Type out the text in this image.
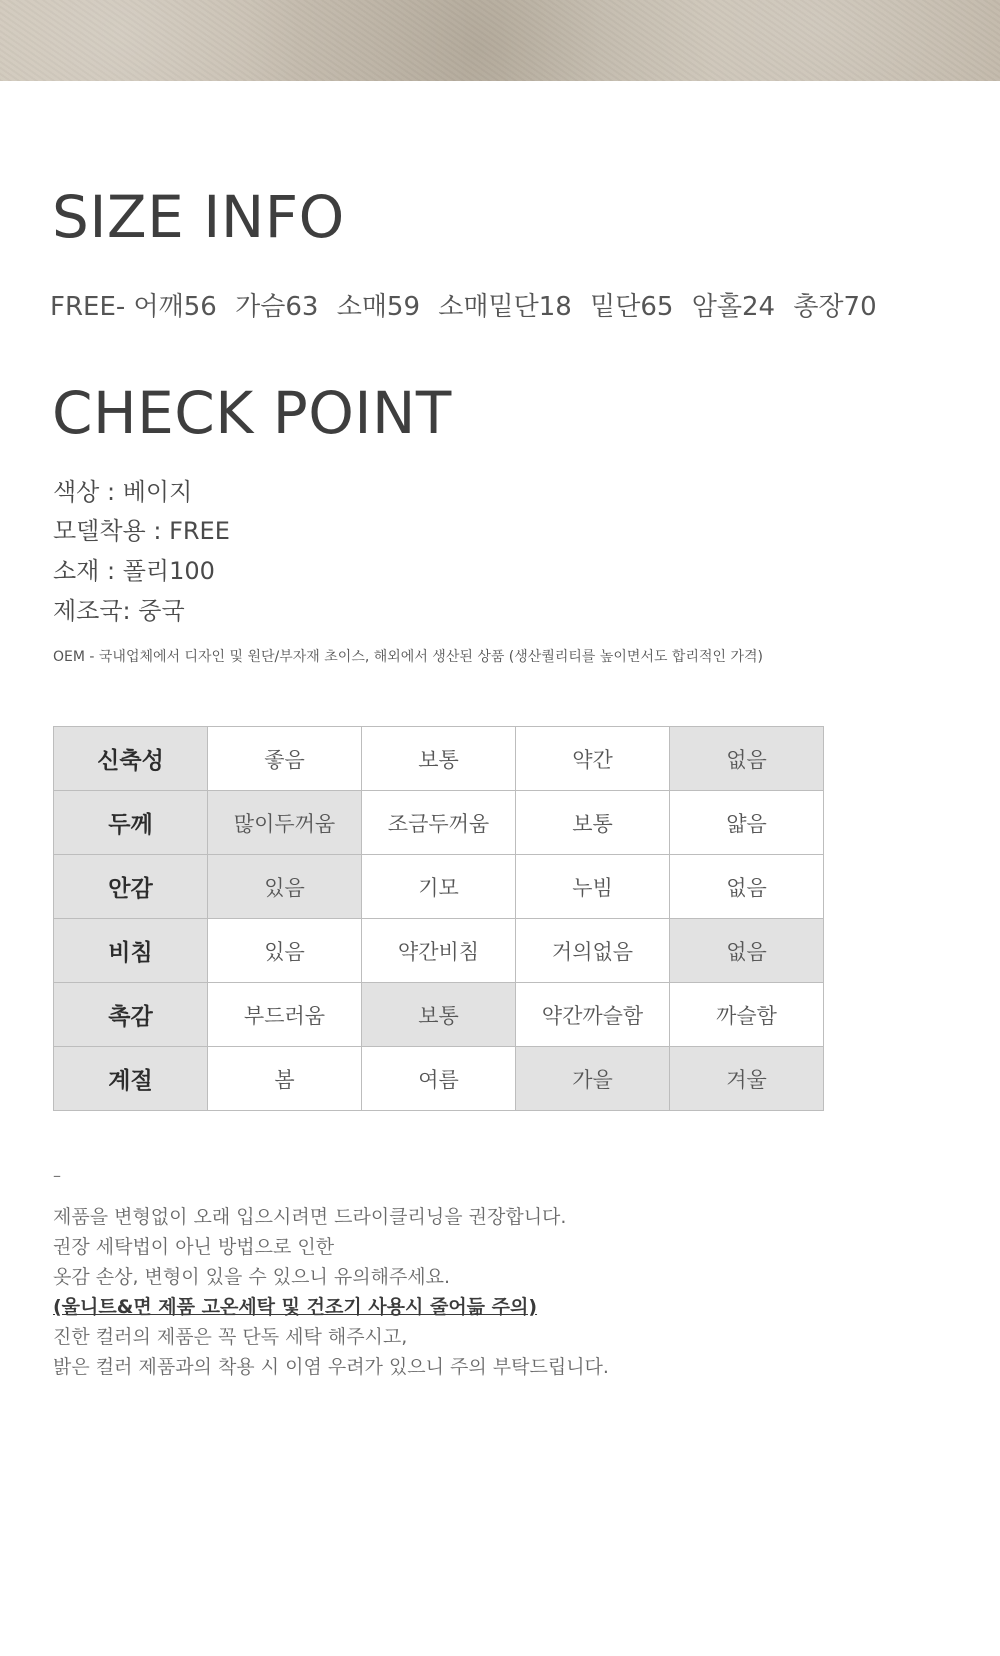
SIZE INFO
FREE- 어깨56 가슴63 소매59 소매밑단18 밑단65 암홀24 총장70
CHECK POINT
색상 : 베이지
모델착용 : FREE
소재 : 폴리100
제조국: 중국
OEM - 국내업체에서 디자인 및 원단/부자재 초이스, 해외에서 생산된 상품 (생산퀄리티를 높이면서도 합리적인 가격)
신축성	좋음	보통	약간	없음
두께	많이두꺼움	조금두꺼움	보통	얇음
안감	있음	기모	누빔	없음
비침	있음	약간비침	거의없음	없음
촉감	부드러움	보통	약간까슬함	까슬함
계절	봄	여름	가을	겨울
–
제품을 변형없이 오래 입으시려면 드라이클리닝을 권장합니다.
권장 세탁법이 아닌 방법으로 인한
옷감 손상, 변형이 있을 수 있으니 유의해주세요.
(울니트&면 제품 고온세탁 및 건조기 사용시 줄어듦 주의)
진한 컬러의 제품은 꼭 단독 세탁 해주시고,
밝은 컬러 제품과의 착용 시 이염 우려가 있으니 주의 부탁드립니다.
